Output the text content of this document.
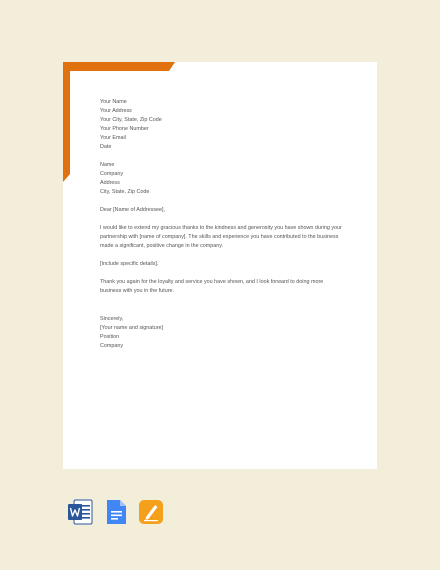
Your Name
Your Address
Your City, State, Zip Code
Your Phone Number
Your Email
Date
Name
Company
Address
City, State, Zip Code
Dear [Name of Addressee],
I would like to extend my gracious thanks to the kindness and generosity you have shown during your partnership with [name of company]. The skills and experience you have contributed to the business made a significant, positive change in the company.
[Include specific details].
Thank you again for the loyalty and service you have shown, and I look forward to doing more business with you in the future.
Sincerely,
[Your name and signature]
Position
Company
